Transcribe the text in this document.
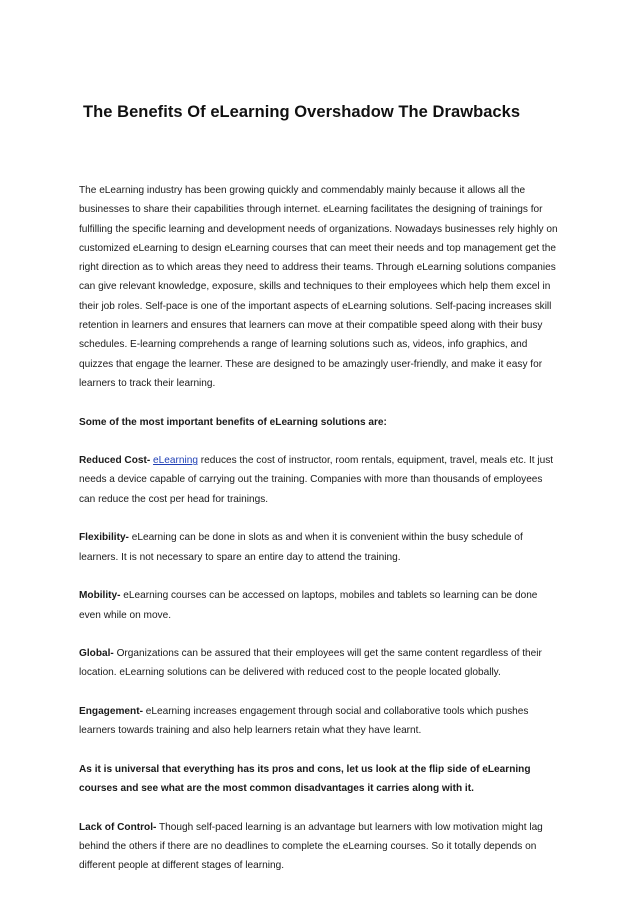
The Benefits Of eLearning Overshadow The Drawbacks

The eLearning industry has been growing quickly and commendably mainly because it allows all the businesses to share their capabilities through internet. eLearning facilitates the designing of trainings for fulfilling the specific learning and development needs of organizations. Nowadays businesses rely highly on customized eLearning to design eLearning courses that can meet their needs and top management get the right direction as to which areas they need to address their teams. Through eLearning solutions companies can give relevant knowledge, exposure, skills and techniques to their employees which help them excel in their job roles. Self-pace is one of the important aspects of eLearning solutions. Self-pacing increases skill retention in learners and ensures that learners can move at their compatible speed along with their busy schedules. E-learning comprehends a range of learning solutions such as, videos, info graphics, and quizzes that engage the learner. These are designed to be amazingly user-friendly, and make it easy for learners to track their learning.

Some of the most important benefits of eLearning solutions are:

Reduced Cost- eLearning reduces the cost of instructor, room rentals, equipment, travel, meals etc. It just needs a device capable of carrying out the training. Companies with more than thousands of employees can reduce the cost per head for trainings.

Flexibility- eLearning can be done in slots as and when it is convenient within the busy schedule of learners. It is not necessary to spare an entire day to attend the training.

Mobility- eLearning courses can be accessed on laptops, mobiles and tablets so learning can be done even while on move.

Global- Organizations can be assured that their employees will get the same content regardless of their location. eLearning solutions can be delivered with reduced cost to the people located globally.

Engagement- eLearning increases engagement through social and collaborative tools which pushes learners towards training and also help learners retain what they have learnt.

As it is universal that everything has its pros and cons, let us look at the flip side of eLearning courses and see what are the most common disadvantages it carries along with it.

Lack of Control- Though self-paced learning is an advantage but learners with low motivation might lag behind the others if there are no deadlines to complete the eLearning courses. So it totally depends on different people at different stages of learning.
